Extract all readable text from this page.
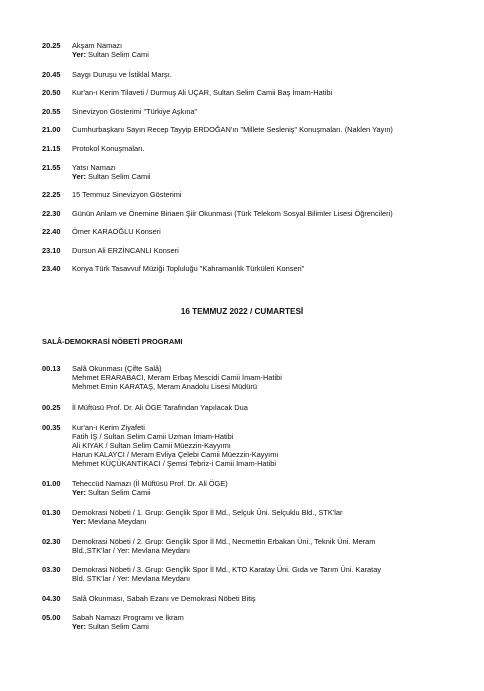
20.25	Akşam Namazı
Yer: Sultan Selim Cami
20.45	Saygı Duruşu ve İstiklal Marşı.
20.50	Kur'an-ı Kerim Tilaveti / Durmuş Ali UÇAR, Sultan Selim Camii Baş İmam-Hatibi
20.55	Sinevizyon Gösterimi "Türkiye Aşkına"
21.00	Cumhurbaşkanı Sayın Recep Tayyip ERDOĞAN'ın "Millete Sesleniş" Konuşmaları. (Naklen Yayın)
21.15	Protokol Konuşmaları.
21.55	Yatsı Namazı
Yer: Sultan Selim Camii
22.25	15 Temmuz Sinevizyon Gösterimi
22.30	Günün Anlam ve Önemine Binaen Şiir Okunması (Türk Telekom Sosyal Bilimler Lisesi Öğrencileri)
22.40	Ömer KARAOĞLU Konseri
23.10	Dursun Ali ERZİNCANLI Konseri
23.40	Konya Türk Tasavvuf Müziği Topluluğu "Kahramanlık Türküleri Konseri"
16 TEMMUZ 2022 / CUMARTESİ
SALÂ-DEMOKRASİ NÖBETİ PROGRAMI
00.13	Salâ Okunması (Çifte Salâ)
Mehmet ERARABACI, Meram Erbaş Mescidi Camii İmam-Hatibi
Mehmet Emin KARATAŞ, Meram Anadolu Lisesi Müdürü
00.25	İl Müftüsü Prof. Dr. Ali ÖGE Tarafından Yapılacak Dua
00.35	Kur'an-ı Kerim Ziyafeti
Fatih İŞ / Sultan Selim Camii Uzman İmam-Hatibi
Ali KIYAK / Sultan Selim Camii Müezzin-Kayyımı
Harun KALAYCI / Meram Evliya Çelebi Camii Müezzin-Kayyımı
Mehmet KÜÇÜKANTİKACI / Şemsi Tebriz-i Camii İmam-Hatibi
01.00	Teheccüd Namazı (İl Müftüsü Prof. Dr. Ali ÖGE)
Yer: Sultan Selim Camii
01.30	Demokrasi Nöbeti / 1. Grup: Gençlik Spor İl Md., Selçuk Üni. Selçuklu Bld., STK'lar
Yer: Mevlana Meydanı
02.30	Demokrasi Nöbeti / 2. Grup: Gençlik Spor İl Md., Necmettin Erbakan Üni., Teknik Üni. Meram
Bld.,STK'lar / Yer: Mevlana Meydanı
03.30	Demokrasi Nöbeti / 3. Grup: Gençlik Spor İl Md., KTO Karatay Üni. Gıda ve Tarım Üni. Karatay
Bld. STK'lar / Yer: Mevlana Meydanı
04.30	Salâ Okunması, Sabah Ezanı ve Demokrasi Nöbeti Bitiş
05.00	Sabah Namazı Programı ve İkram
Yer: Sultan Selim Cami
